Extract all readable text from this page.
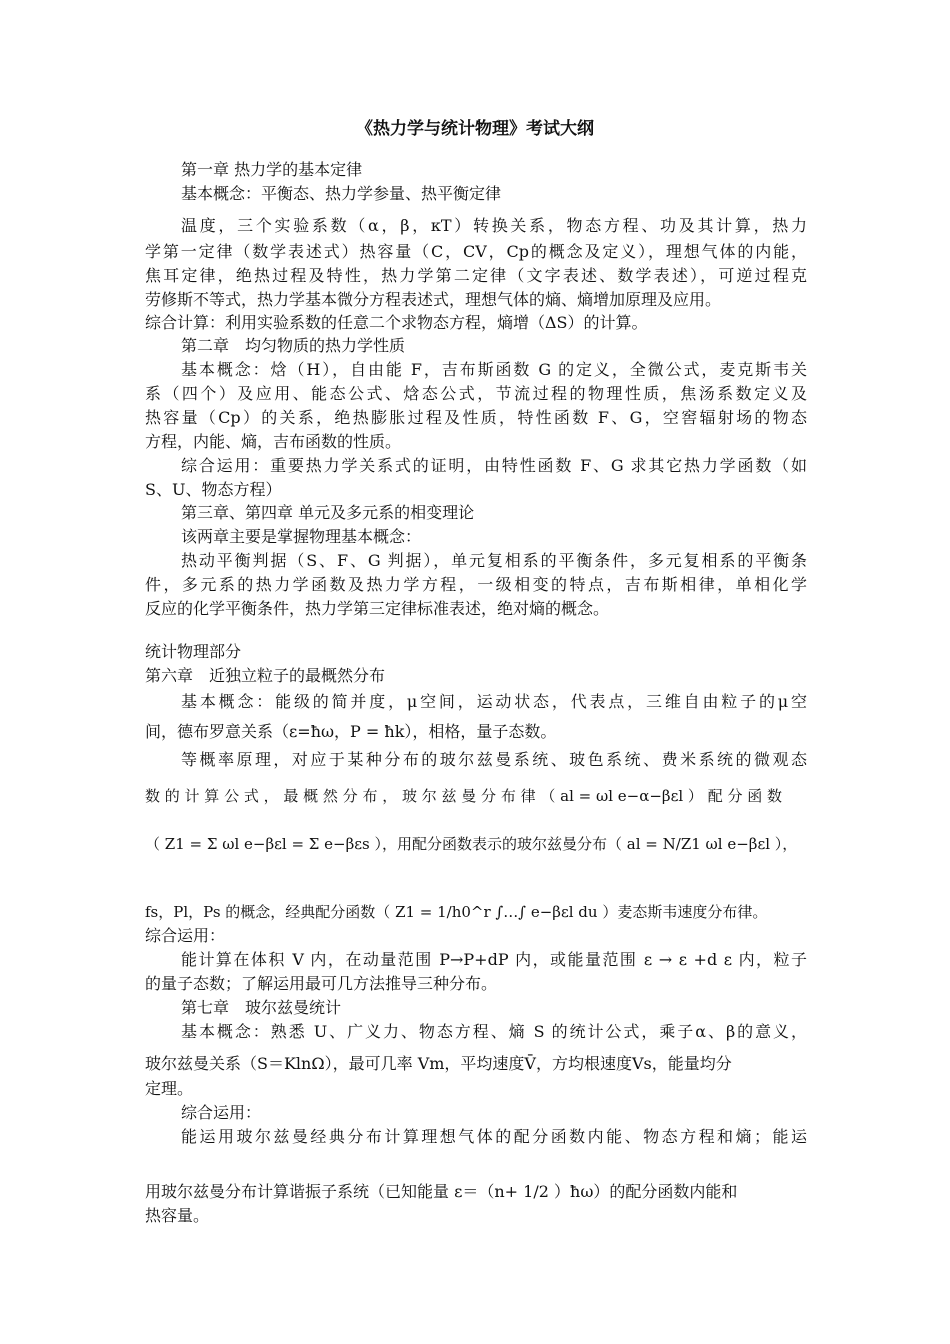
《热力学与统计物理》考试大纲
第一章 热力学的基本定律
基本概念：平衡态、热力学参量、热平衡定律
温度，三个实验系数（α，β，κT）转换关系，物态方程、功及其计算，热力
学第一定律（数学表述式）热容量（C，CV，Cp的概念及定义），理想气体的内能，
焦耳定律，绝热过程及特性，热力学第二定律（文字表述、数学表述），可逆过程克
劳修斯不等式，热力学基本微分方程表述式，理想气体的熵、熵增加原理及应用。
综合计算：利用实验系数的任意二个求物态方程，熵增（ΔS）的计算。
第二章　均匀物质的热力学性质
基本概念：焓（H），自由能 F，吉布斯函数 G 的定义，全微公式，麦克斯韦关
系（四个）及应用、能态公式、焓态公式，节流过程的物理性质，焦汤系数定义及
热容量（Cp）的关系，绝热膨胀过程及性质，特性函数 F、G，空窖辐射场的物态
方程，内能、熵，吉布函数的性质。
综合运用：重要热力学关系式的证明，由特性函数 F、G 求其它热力学函数（如
S、U、物态方程）
第三章、第四章 单元及多元系的相变理论
该两章主要是掌握物理基本概念：
热动平衡判据（S、F、G 判据），单元复相系的平衡条件，多元复相系的平衡条
件，多元系的热力学函数及热力学方程，一级相变的特点，吉布斯相律，单相化学
反应的化学平衡条件，热力学第三定律标准表述，绝对熵的概念。
统计物理部分
第六章　近独立粒子的最概然分布
基本概念：能级的简并度，μ空间，运动状态，代表点，三维自由粒子的μ空
间，德布罗意关系（ε=ħω，P = ħk），相格，量子态数。
等概率原理，对应于某种分布的玻尔兹曼系统、玻色系统、费米系统的微观态
数 的 计 算 公 式 ， 最 概 然 分 布 ， 玻 尔 兹 曼 分 布 律 （ al = ωl e−α−βεl ） 配 分 函 数
（ Z1 = Σ ωl e−βεl = Σ e−βεs ），用配分函数表示的玻尔兹曼分布（ al = N/Z1 ωl e−βεl ），
fs，Pl，Ps 的概念，经典配分函数（ Z1 = 1/h0^r ∫…∫ e−βεl du ）麦态斯韦速度分布律。
综合运用：
能计算在体积 V 内，在动量范围 P→P+dP 内，或能量范围 ε → ε +d ε 内，粒子
的量子态数；了解运用最可几方法推导三种分布。
第七章　玻尔兹曼统计
基本概念：熟悉 U、广义力、物态方程、熵 S 的统计公式，乘子α、β的意义，
玻尔兹曼关系（S＝KlnΩ），最可几率 Vm，平均速度V̄，方均根速度Vs，能量均分
定理。
综合运用：
能运用玻尔兹曼经典分布计算理想气体的配分函数内能、物态方程和熵；能运
用玻尔兹曼分布计算谐振子系统（已知能量 ε＝（n+ 1/2 ）ħω）的配分函数内能和
热容量。
